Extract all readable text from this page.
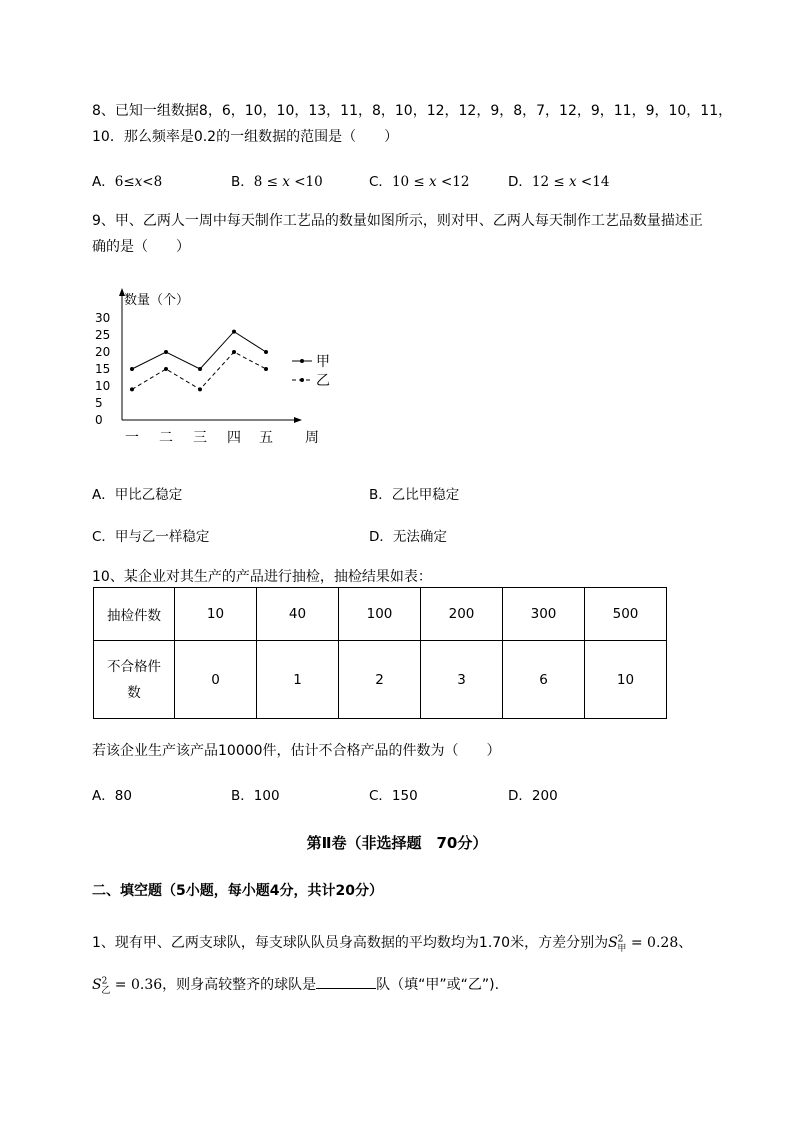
8、已知一组数据8，6，10，10，13，11，8，10，12，12，9，8，7，12，9，11，9，10，11，
10．那么频率是0.2的一组数据的范围是（　　）
A．6≤x<8	B．8 ≤ x <10	C．10 ≤ x <12	D．12 ≤ x <14
9、甲、乙两人一周中每天制作工艺品的数量如图所示，则对甲、乙两人每天制作工艺品数量描述正
确的是（　　）
数量（个）
0
5
10
15
20
25
30
一 二 三 四 五 周
甲
乙
A．甲比乙稳定	B．乙比甲稳定
C．甲与乙一样稳定	D．无法确定
10、某企业对其生产的产品进行抽检，抽检结果如表：
抽检件数	10	40	100	200	300	500
不合格件
数	0	1	2	3	6	10
若该企业生产该产品10000件，估计不合格产品的件数为（　　）
A．80	B．100	C．150	D．200
第Ⅱ卷（非选择题　70分）
二、填空题（5小题，每小题4分，共计20分）
1、现有甲、乙两支球队，每支球队队员身高数据的平均数均为1.70米，方差分别为$S^2_甲 = 0.28$、
$S^2_乙 = 0.36$，则身高较整齐的球队是	队（填“甲”或“乙”).
